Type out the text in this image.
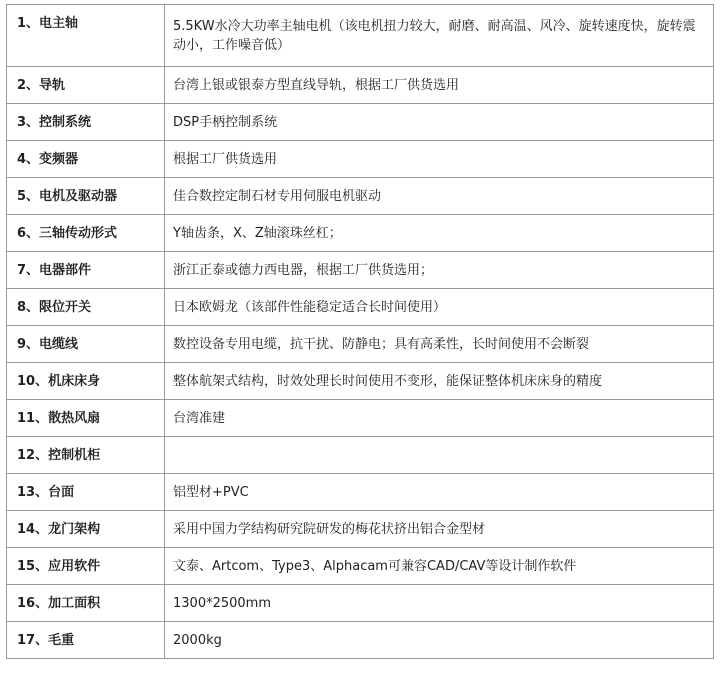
1、电主轴	5.5KW水冷大功率主轴电机（该电机扭力较大，耐磨、耐高温、风冷、旋转速度快，旋转震动小，工作噪音低）
2、导轨	台湾上银或银泰方型直线导轨，根据工厂供货选用
3、控制系统	DSP手柄控制系统
4、变频器	根据工厂供货选用
5、电机及驱动器	佳合数控定制石材专用伺服电机驱动
6、三轴传动形式	Y轴齿条，X、Z轴滚珠丝杠；
7、电器部件	浙江正泰或德力西电器，根据工厂供货选用；
8、限位开关	日本欧姆龙（该部件性能稳定适合长时间使用）
9、电缆线	数控设备专用电缆，抗干扰、防静电；具有高柔性，长时间使用不会断裂
10、机床床身	整体航架式结构，时效处理长时间使用不变形，能保证整体机床床身的精度
11、散热风扇	台湾准建
12、控制机柜	
13、台面	铝型材+PVC
14、龙门架构	采用中国力学结构研究院研发的梅花状挤出铝合金型材
15、应用软件	文泰、Artcom、Type3、Alphacam可兼容CAD/CAV等设计制作软件
16、加工面积	1300*2500mm
17、毛重	2000kg
